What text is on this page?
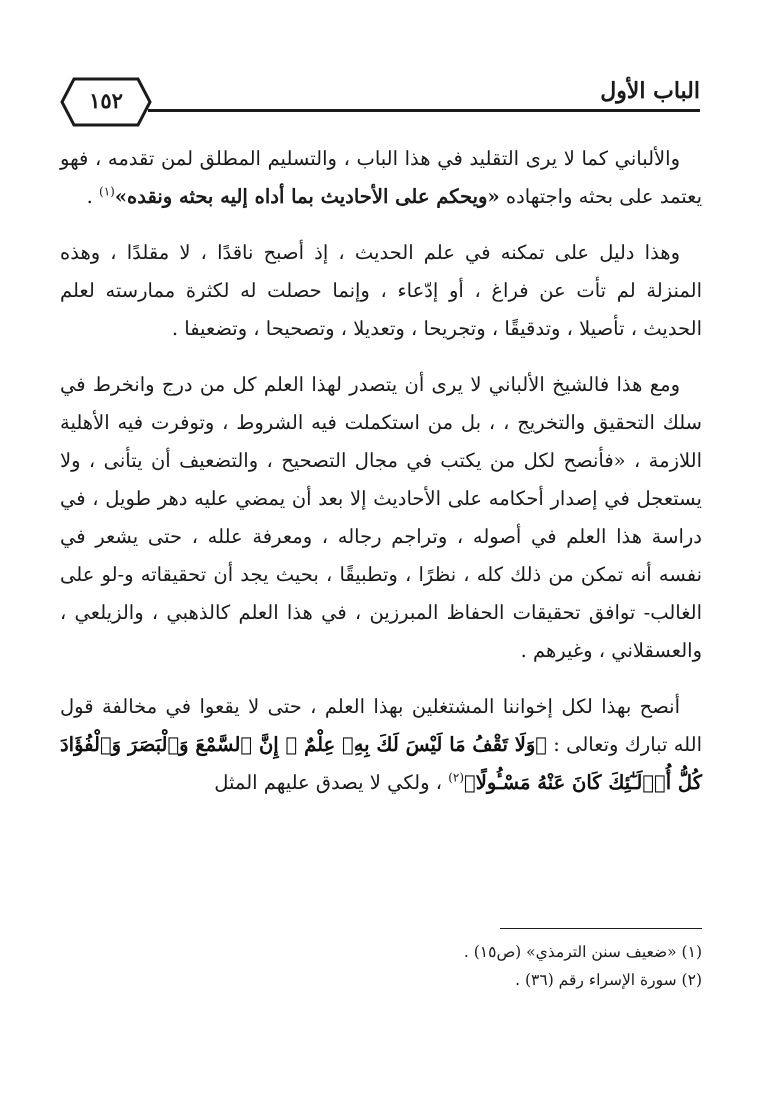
الباب الأول
١٥٢

والألباني كما لا يرى التقليد في هذا الباب ، والتسليم المطلق لمن تقدمه ، فهو يعتمد على بحثه واجتهاده «ويحكم على الأحاديث بما أداه إليه بحثه ونقده»$^{(١)}$ .

وهذا دليل على تمكنه في علم الحديث ، إذ أصبح ناقدًا ، لا مقلدًا ، وهذه المنزلة لم تأت عن فراغ ، أو إدّعاء ، وإنما حصلت له لكثرة ممارسته لعلم الحديث ، تأصيلا ، وتدقيقًا ، وتجريحا ، وتعديلا ، وتصحيحا ، وتضعيفا .

ومع هذا فالشيخ الألباني لا يرى أن يتصدر لهذا العلم كل من درج وانخرط في سلك التحقيق والتخريج ، ، بل من استكملت فيه الشروط ، وتوفرت فيه الأهلية اللازمة ، «فأنصح لكل من يكتب في مجال التصحيح ، والتضعيف أن يتأنى ، ولا يستعجل في إصدار أحكامه على الأحاديث إلا بعد أن يمضي عليه دهر طويل ، في دراسة هذا العلم في أصوله ، وتراجم رجاله ، ومعرفة علله ، حتى يشعر في نفسه أنه تمكن من ذلك كله ، نظرًا ، وتطبيقًا ، بحيث يجد أن تحقيقاته و-لو على الغالب- توافق تحقيقات الحفاظ المبرزين ، في هذا العلم كالذهبي ، والزيلعي ، والعسقلاني ، وغيرهم .

أنصح بهذا لكل إخواننا المشتغلين بهذا العلم ، حتى لا يقعوا في مخالفة قول الله تبارك وتعالى : ﴿وَلَا تَقْفُ مَا لَيْسَ لَكَ بِهِۦ عِلْمٌ ۚ إِنَّ ٱلسَّمْعَ وَٱلْبَصَرَ وَٱلْفُؤَادَ كُلُّ أُو۟لَـٰٓئِكَ كَانَ عَنْهُ مَسْـُٔولًا﴾$^{(٢)}$ ، ولكي لا يصدق عليهم المثل

(١) «ضعيف سنن الترمذي» (ص١٥) .

(٢) سورة الإسراء رقم (٣٦) .
